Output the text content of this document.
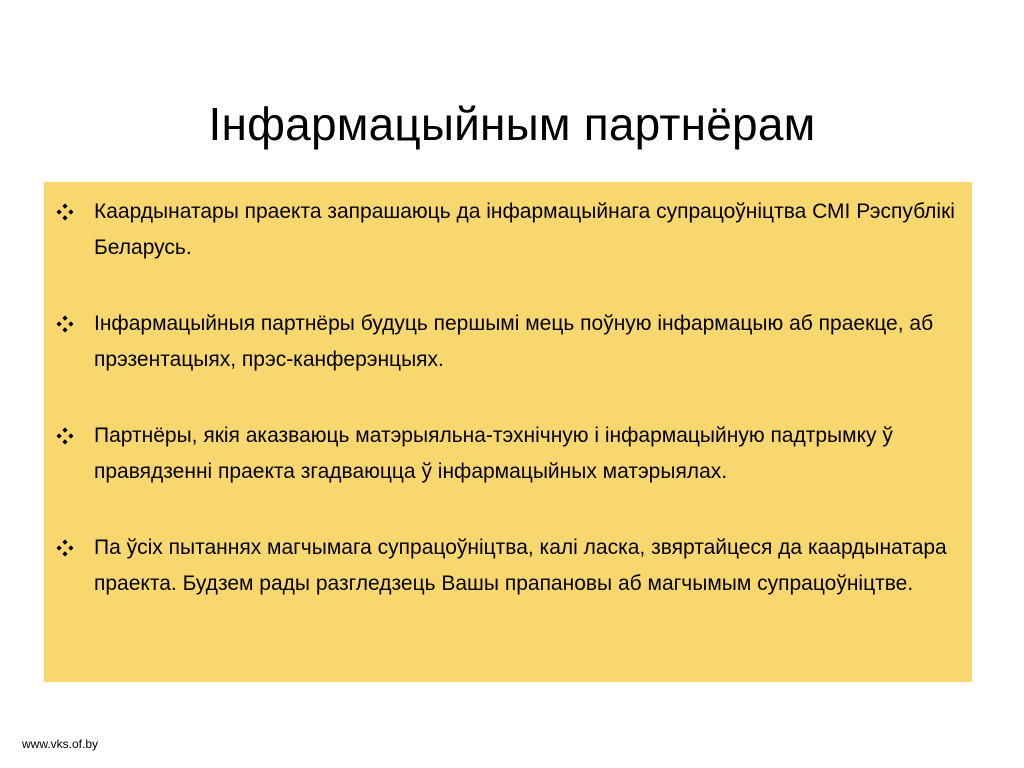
Інфармацыйным партнёрам
Каардынатары праекта запрашаюць да інфармацыйнага супрацоўніцтва СМІ Рэспублікі Беларусь.
Інфармацыйныя партнёры будуць першымі мець поўную інфармацыю аб праекце, аб прэзентацыях, прэс-канферэнцыях.
Партнёры, якія аказваюць матэрыяльна-тэхнічную і інфармацыйную падтрымку ў правядзенні праекта згадваюцца ў інфармацыйных матэрыялах.
Па ўсіх пытаннях магчымага супрацоўніцтва, калі ласка, звяртайцеся да каардынатара праекта. Будзем рады разгледзець Вашы прапановы аб магчымым супрацоўніцтве.
www.vks.of.by
